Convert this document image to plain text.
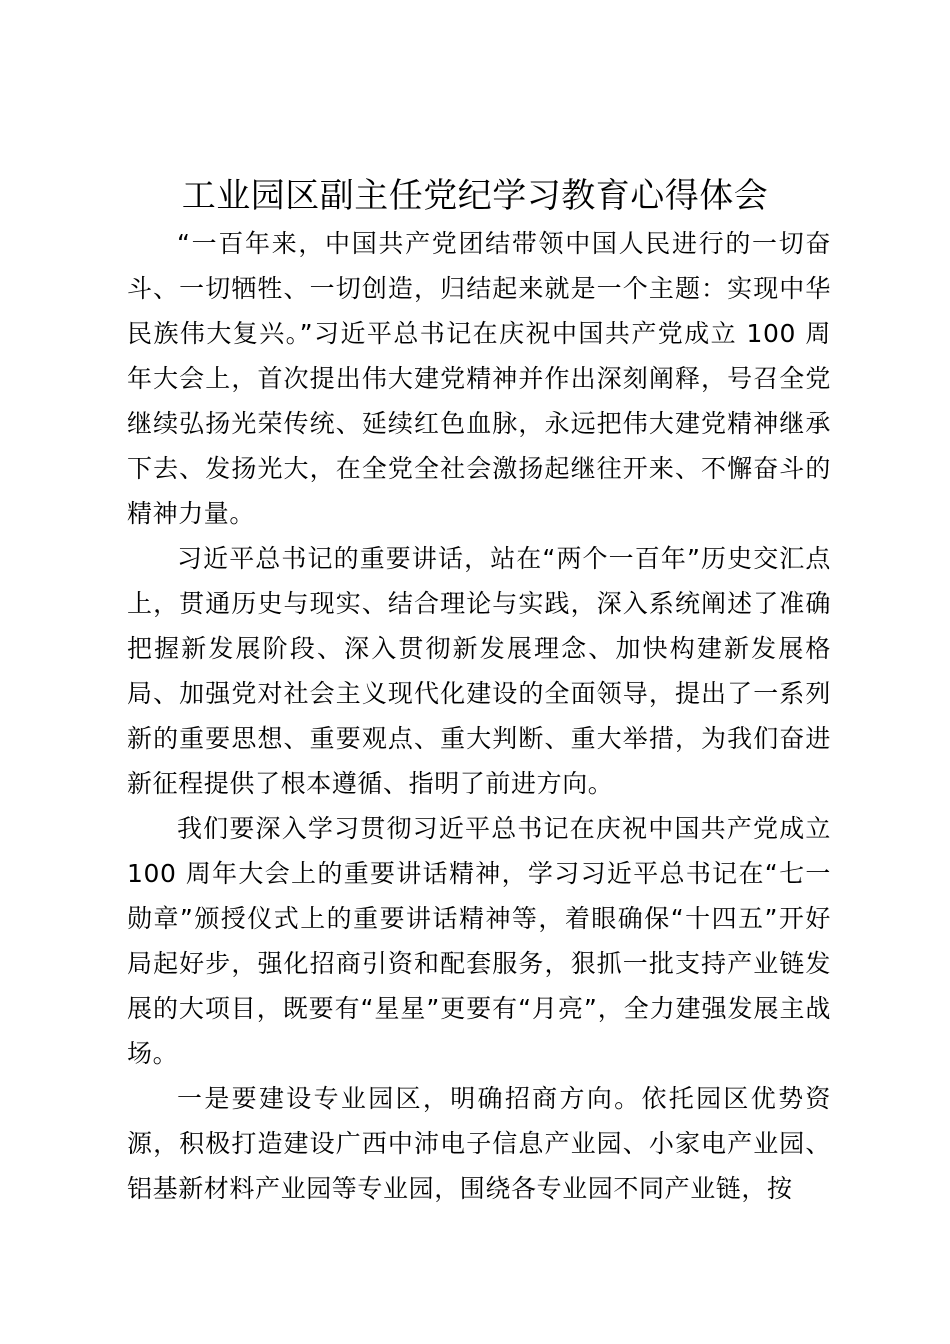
工业园区副主任党纪学习教育心得体会

“一百年来，中国共产党团结带领中国人民进行的一切奋斗、一切牺牲、一切创造，归结起来就是一个主题：实现中华民族伟大复兴。”习近平总书记在庆祝中国共产党成立 100 周年大会上，首次提出伟大建党精神并作出深刻阐释，号召全党继续弘扬光荣传统、延续红色血脉，永远把伟大建党精神继承下去、发扬光大，在全党全社会激扬起继往开来、不懈奋斗的精神力量。

习近平总书记的重要讲话，站在“两个一百年”历史交汇点上，贯通历史与现实、结合理论与实践，深入系统阐述了准确把握新发展阶段、深入贯彻新发展理念、加快构建新发展格局、加强党对社会主义现代化建设的全面领导，提出了一系列新的重要思想、重要观点、重大判断、重大举措，为我们奋进新征程提供了根本遵循、指明了前进方向。

我们要深入学习贯彻习近平总书记在庆祝中国共产党成立 100 周年大会上的重要讲话精神，学习习近平总书记在“七一勋章”颁授仪式上的重要讲话精神等，着眼确保“十四五”开好局起好步，强化招商引资和配套服务，狠抓一批支持产业链发展的大项目，既要有“星星”更要有“月亮”，全力建强发展主战场。

一是要建设专业园区，明确招商方向。依托园区优势资源，积极打造建设广西中沛电子信息产业园、小家电产业园、铝基新材料产业园等专业园，围绕各专业园不同产业链，按
